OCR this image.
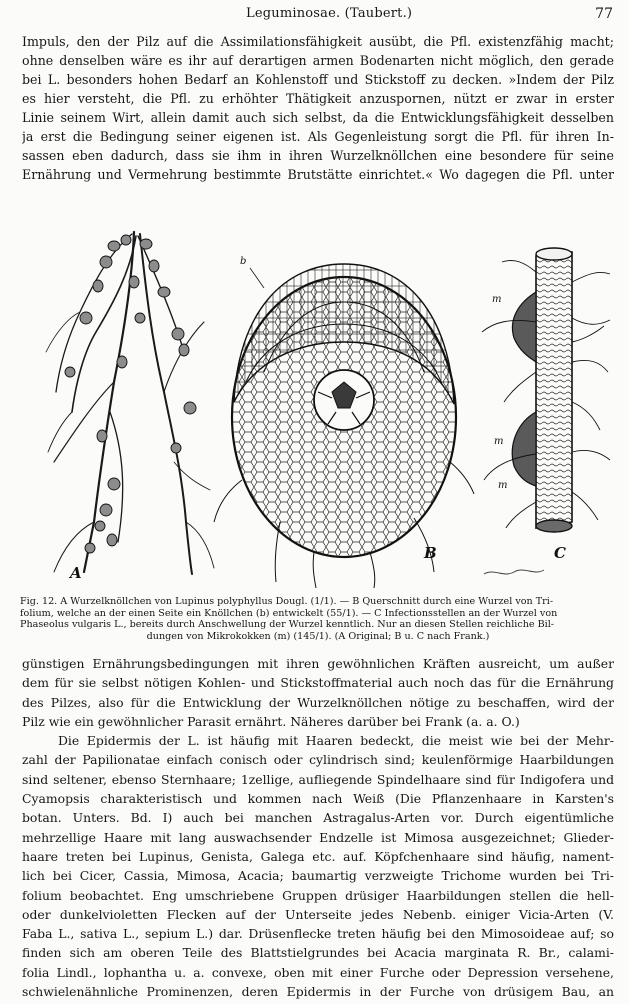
Leguminosae. (Taubert.)	77
Impuls, den der Pilz auf die Assimilationsfähigkeit ausübt, die Pfl. existenzfähig macht;
ohne denselben wäre es ihr auf derartigen armen Bodenarten nicht möglich, den gerade
bei L. besonders hohen Bedarf an Kohlenstoff und Stickstoff zu decken. »Indem der Pilz
es hier versteht, die Pfl. zu erhöhter Thätigkeit anzuspornen, nützt er zwar in erster
Linie seinem Wirt, allein damit auch sich selbst, da die Entwicklungsfähigkeit desselben
ja erst die Bedingung seiner eigenen ist. Als Gegenleistung sorgt die Pfl. für ihren In-
sassen eben dadurch, dass sie ihm in ihren Wurzelknöllchen eine besondere für seine
Ernährung und Vermehrung bestimmte Brutstätte einrichtet.« Wo dagegen die Pfl. unter
A
b
B
m
m
m
C
Fig. 12. A Wurzelknöllchen von Lupinus polyphyllus Dougl. (1/1). — B Querschnitt durch eine Wurzel von Tri-
folium, welche an der einen Seite ein Knöllchen (b) entwickelt (55/1). — C Infectionsstellen an der Wurzel von
Phaseolus vulgaris L., bereits durch Anschwellung der Wurzel kenntlich. Nur an diesen Stellen reichliche Bil-
dungen von Mikrokokken (m) (145/1). (A Original; B u. C nach Frank.)
günstigen Ernährungsbedingungen mit ihren gewöhnlichen Kräften ausreicht, um außer
dem für sie selbst nötigen Kohlen- und Stickstoffmaterial auch noch das für die Ernährung
des Pilzes, also für die Entwicklung der Wurzelknöllchen nötige zu beschaffen, wird der
Pilz wie ein gewöhnlicher Parasit ernährt. Näheres darüber bei Frank (a. a. O.)
Die Epidermis der L. ist häufig mit Haaren bedeckt, die meist wie bei der Mehr-
zahl der Papilionatae einfach conisch oder cylindrisch sind; keulenförmige Haarbildungen
sind seltener, ebenso Sternhaare; 1zellige, aufliegende Spindelhaare sind für Indigofera und
Cyamopsis charakteristisch und kommen nach Weiß (Die Pflanzenhaare in Karsten's
botan. Unters. Bd. I) auch bei manchen Astragalus-Arten vor. Durch eigentümliche
mehrzellige Haare mit lang auswachsender Endzelle ist Mimosa ausgezeichnet; Glieder-
haare treten bei Lupinus, Genista, Galega etc. auf. Köpfchenhaare sind häufig, nament-
lich bei Cicer, Cassia, Mimosa, Acacia; baumartig verzweigte Trichome wurden bei Tri-
folium beobachtet. Eng umschriebene Gruppen drüsiger Haarbildungen stellen die hell-
oder dunkelvioletten Flecken auf der Unterseite jedes Nebenb. einiger Vicia-Arten (V.
Faba L., sativa L., sepium L.) dar. Drüsenflecke treten häufig bei den Mimosoideae auf; so
finden sich am oberen Teile des Blattstielgrundes bei Acacia marginata R. Br., calami-
folia Lindl., lophantha u. a. convexe, oben mit einer Furche oder Depression versehene,
schwielenähnliche Prominenzen, deren Epidermis in der Furche von drüsigem Bau, an
